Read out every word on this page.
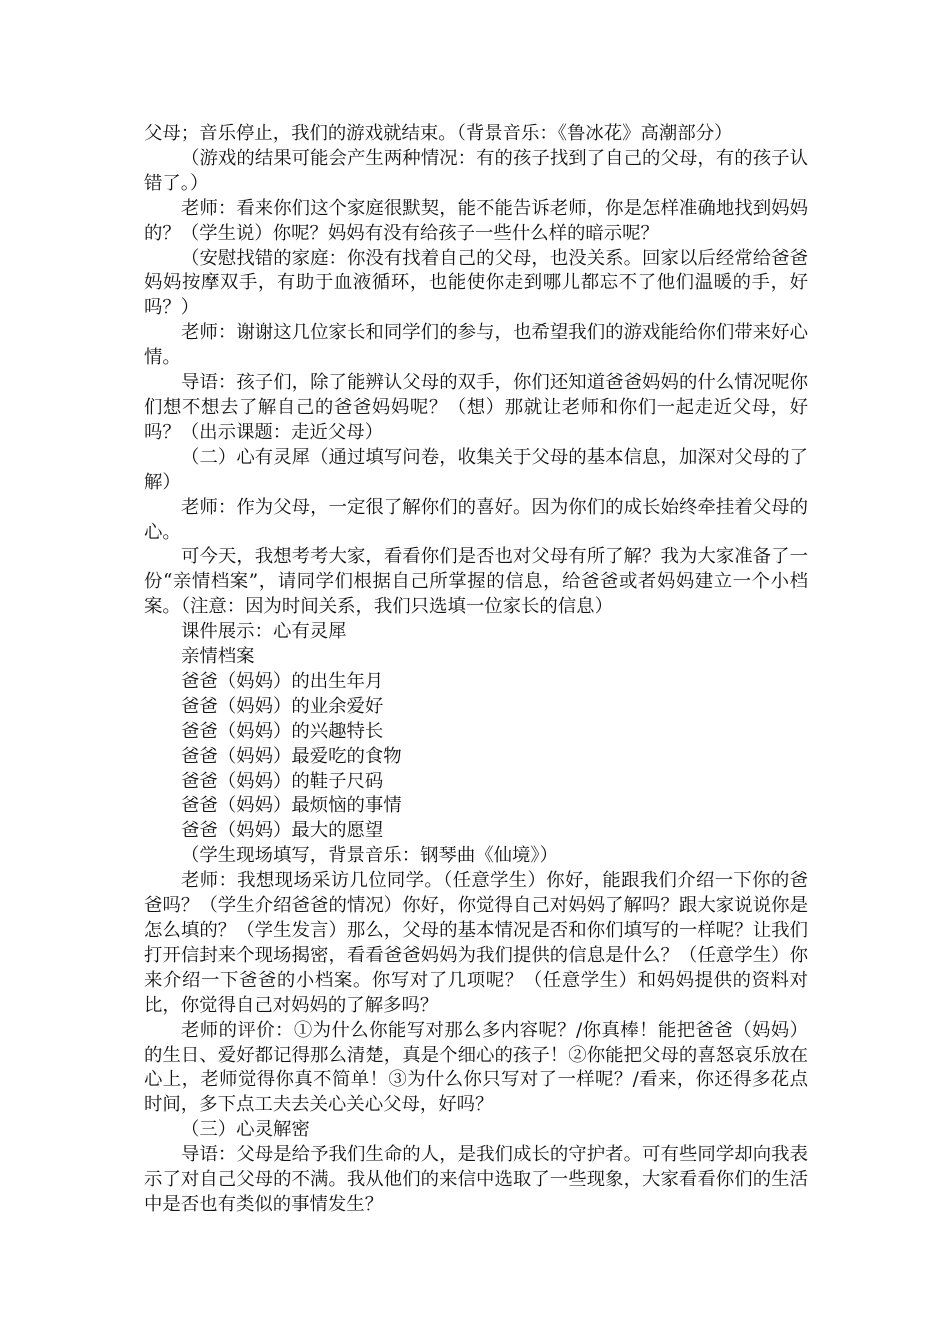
父母；音乐停止，我们的游戏就结束。（背景音乐：《鲁冰花》高潮部分）

（游戏的结果可能会产生两种情况：有的孩子找到了自己的父母，有的孩子认错了。）

老师：看来你们这个家庭很默契，能不能告诉老师，你是怎样准确地找到妈妈的？（学生说）你呢？妈妈有没有给孩子一些什么样的暗示呢？

（安慰找错的家庭：你没有找着自己的父母，也没关系。回家以后经常给爸爸妈妈按摩双手，有助于血液循环，也能使你走到哪儿都忘不了他们温暖的手，好吗？）

老师：谢谢这几位家长和同学们的参与，也希望我们的游戏能给你们带来好心情。

导语：孩子们，除了能辨认父母的双手，你们还知道爸爸妈妈的什么情况呢你们想不想去了解自己的爸爸妈妈呢？（想）那就让老师和你们一起走近父母，好吗？（出示课题：走近父母）

（二）心有灵犀（通过填写问卷，收集关于父母的基本信息，加深对父母的了解）

老师：作为父母，一定很了解你们的喜好。因为你们的成长始终牵挂着父母的心。

可今天，我想考考大家，看看你们是否也对父母有所了解？我为大家准备了一份“亲情档案”，请同学们根据自己所掌握的信息，给爸爸或者妈妈建立一个小档案。（注意：因为时间关系，我们只选填一位家长的信息）

课件展示：心有灵犀

亲情档案

爸爸（妈妈）的出生年月

爸爸（妈妈）的业余爱好

爸爸（妈妈）的兴趣特长

爸爸（妈妈）最爱吃的食物

爸爸（妈妈）的鞋子尺码

爸爸（妈妈）最烦恼的事情

爸爸（妈妈）最大的愿望

（学生现场填写，背景音乐：钢琴曲《仙境》）

老师：我想现场采访几位同学。（任意学生）你好，能跟我们介绍一下你的爸爸吗？（学生介绍爸爸的情况）你好，你觉得自己对妈妈了解吗？跟大家说说你是怎么填的？（学生发言）那么，父母的基本情况是否和你们填写的一样呢？让我们打开信封来个现场揭密，看看爸爸妈妈为我们提供的信息是什么？（任意学生）你来介绍一下爸爸的小档案。你写对了几项呢？（任意学生）和妈妈提供的资料对比，你觉得自己对妈妈的了解多吗？

老师的评价：①为什么你能写对那么多内容呢？/你真棒！能把爸爸（妈妈）的生日、爱好都记得那么清楚，真是个细心的孩子！②你能把父母的喜怒哀乐放在心上，老师觉得你真不简单！③为什么你只写对了一样呢？/看来，你还得多花点时间，多下点工夫去关心关心父母，好吗？

（三）心灵解密

导语：父母是给予我们生命的人，是我们成长的守护者。可有些同学却向我表示了对自己父母的不满。我从他们的来信中选取了一些现象，大家看看你们的生活中是否也有类似的事情发生？
